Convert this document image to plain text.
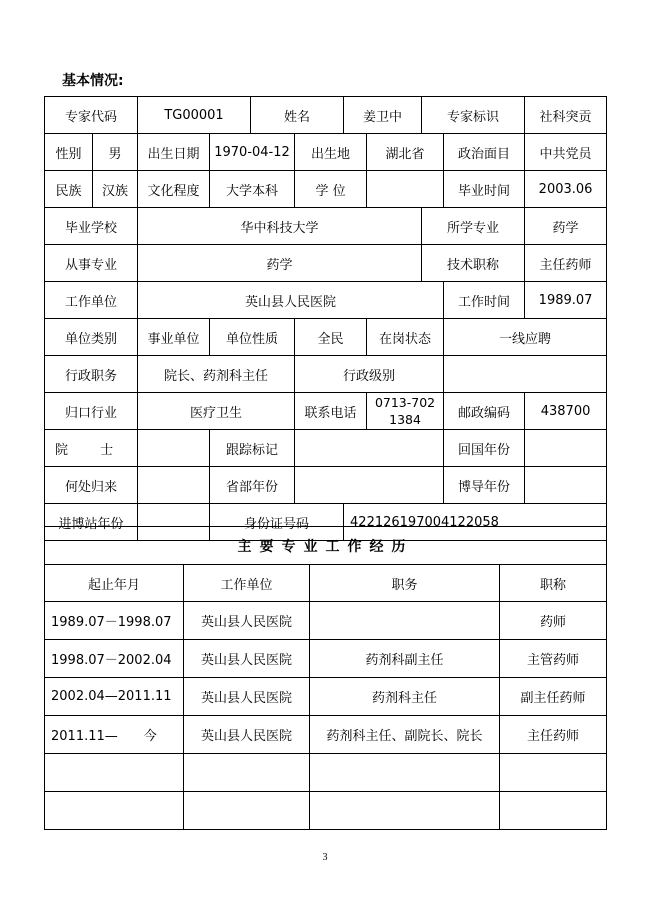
基本情况:
专家代码		TG00001		姓名		姜卫中		专家标识		社科突贡
性别	男	出生日期	1970-04-12		出生地		湖北省		政治面目	中共党员
民族	汉族	文化程度	大学本科		学 位				毕业时间	2003.06
毕业学校		华中科技大学						所学专业		药学
从事专业		药学						技术职称		主任药师
工作单位		英山县人民医院							工作时间	1989.07
单位类别		事业单位	单位性质		全民		在岗状态		一线应聘	
行政职务		院长、药剂科主任			行政级别					
归口行业		医疗卫生			联系电话		0713-702 1384		邮政编码	438700
院 士			跟踪标记						回国年份	
何处归来			省部年份						博导年份	
进博站年份			身份证号码			422126197004122058				
主要专业工作经历			
起止年月	工作单位	职务	职称
1989.07－1998.07	英山县人民医院		药师
1998.07－2002.04	英山县人民医院	药剂科副主任	主管药师
2002.04—2011.11	英山县人民医院	药剂科主任	副主任药师
2011.11—　　今	英山县人民医院	药剂科主任、副院长、院长	主任药师

3
